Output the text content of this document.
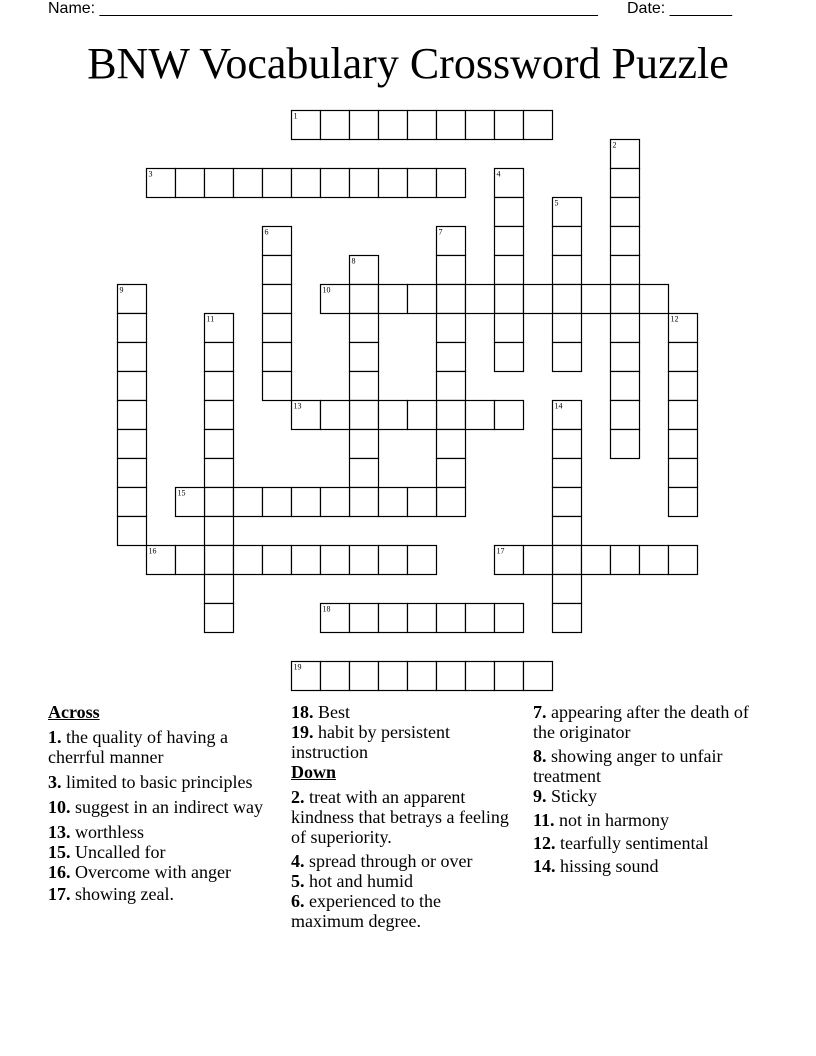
Name: ________________________________________________________ Date: _______
BNW Vocabulary Crossword Puzzle
1
2
3	4
5
6	7
8
9	10
11	12
13	14
15
16	17
18
19
Across
1. the quality of having a cherrful manner
3. limited to basic principles
10. suggest in an indirect way
13. worthless
15. Uncalled for
16. Overcome with anger
17. showing zeal.
18. Best
19. habit by persistent instruction
Down
2. treat with an apparent kindness that betrays a feeling of superiority.
4. spread through or over
5. hot and humid
6. experienced to the maximum degree.
7. appearing after the death of the originator
8. showing anger to unfair treatment
9. Sticky
11. not in harmony
12. tearfully sentimental
14. hissing sound
